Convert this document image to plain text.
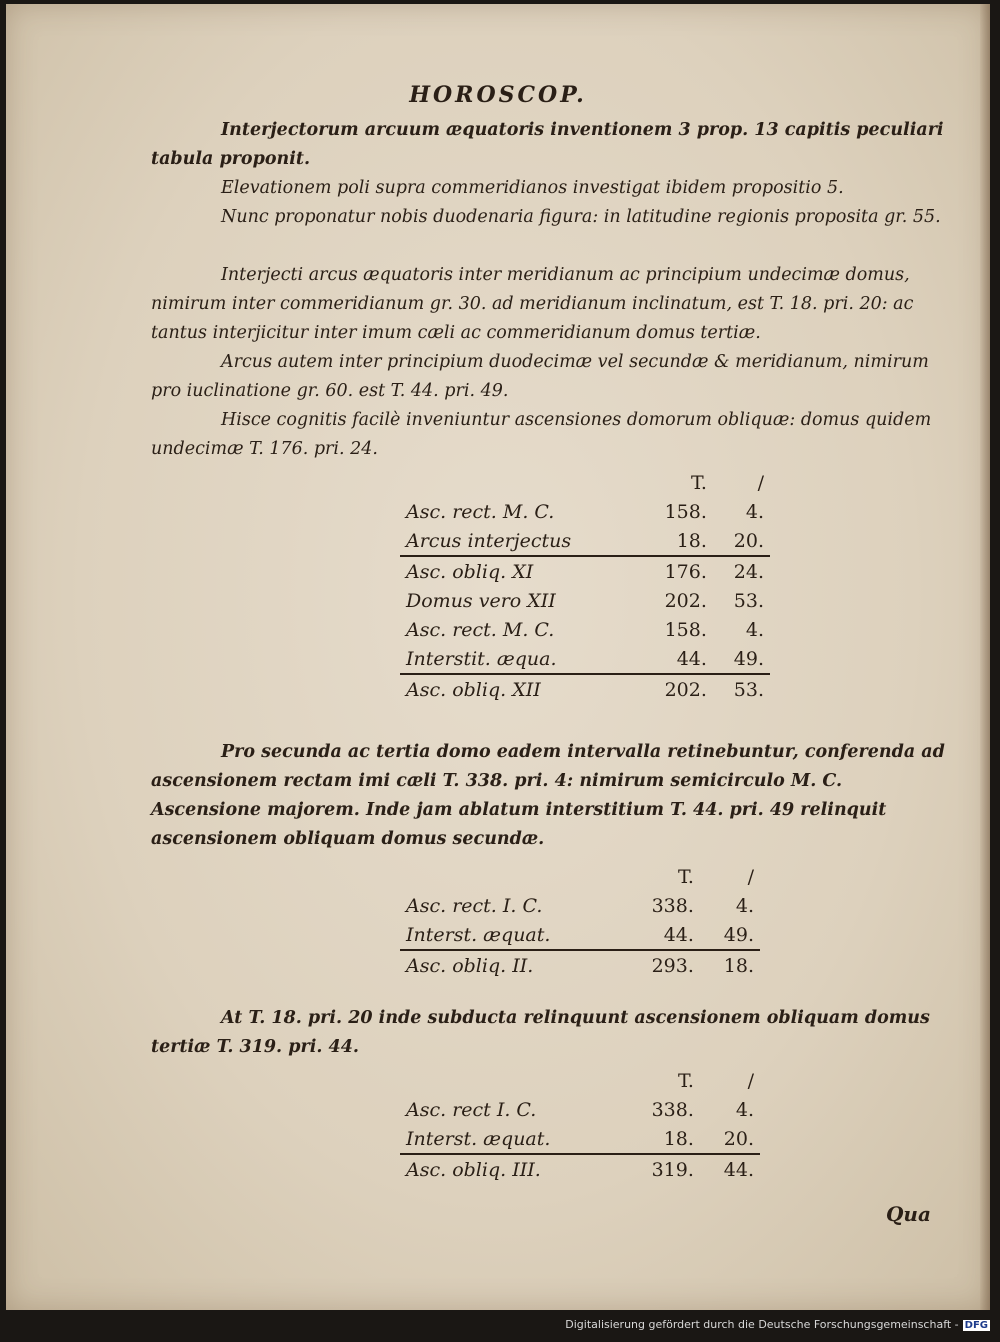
HOROSCOP.

Interjectorum arcuum æquatoris inventionem 3 prop. 13 capitis peculiari tabula proponit.

Elevationem poli supra commeridianos investigat ibidem propositio 5.

Nunc proponatur nobis duodenaria figura: in latitudine regionis proposita gr. 55.

Interjecti arcus æquatoris inter meridianum ac principium undecimæ domus, nimirum inter commeridianum gr. 30. ad meridianum inclinatum, est T. 18. pri. 20: ac tantus interjicitur inter imum cæli ac commeridianum domus tertiæ.

Arcus autem inter principium duodecimæ vel secundæ & meridianum, nimirum pro iuclinatione gr. 60. est T. 44. pri. 49.

Hisce cognitis facilè inveniuntur ascensiones domorum obliquæ: domus quidem undecimæ T. 176. pri. 24.

	T.	/
Asc. rect. M. C.	158.	4.
Arcus interjectus	18.	20.
Asc. obliq. XI	176.	24.
Domus vero XII	202.	53.
Asc. rect. M. C.	158.	4.
Interstit. æqua.	44.	49.
Asc. obliq. XII	202.	53.

Pro secunda ac tertia domo eadem intervalla retinebuntur, conferenda ad ascensionem rectam imi cæli T. 338. pri. 4: nimirum semicirculo M. C. Ascensione majorem. Inde jam ablatum interstitium T. 44. pri. 49 relinquit ascensionem obliquam domus secundæ.

	T.	/
Asc. rect. I. C.	338.	4.
Interst. æquat.	44.	49.
Asc. obliq. II.	293.	18.

At T. 18. pri. 20 inde subducta relinquunt ascensionem obliquam domus tertiæ T. 319. pri. 44.

	T.	/
Asc. rect I. C.	338.	4.
Interst. æquat.	18.	20.
Asc. obliq. III.	319.	44.
Qua
Digitalisierung gefördert durch die Deutsche Forschungsgemeinschaft - DFG
